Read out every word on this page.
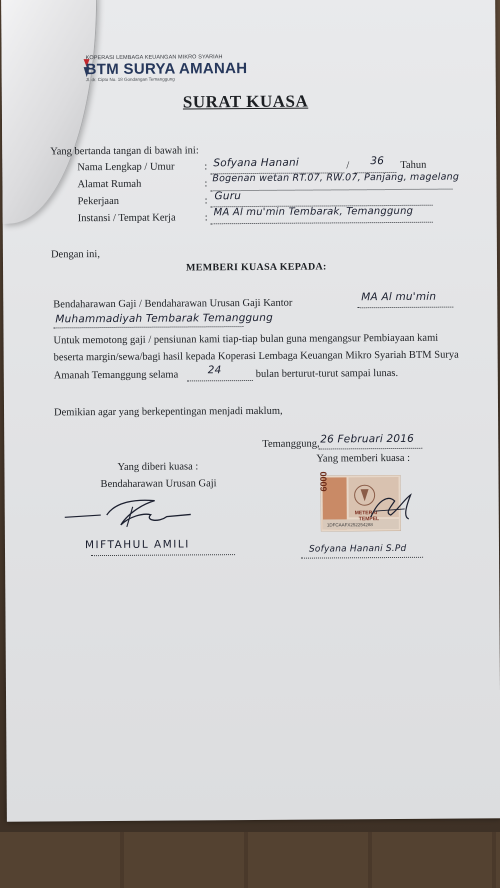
KOPERASI LEMBAGA KEUANGAN MIKRO SYARIAH
BTM SURYA AMANAH
Jl. dr. Cipto No. 18 Gondangan Temanggung
SURAT KUASA
Yang bertanda tangan di bawah ini:
Nama Lengkap / Umur	: Sofyana Hanani	/ 36 Tahun
Alamat Rumah	: Bogenan wetan RT.07, RW.07, Panjang, magelang
Pekerjaan	: Guru
Instansi / Tempat Kerja	: MA Al mu'min Tembarak, Temanggung
Dengan ini,
MEMBERI KUASA KEPADA:
Bendaharawan Gaji / Bendaharawan Urusan Gaji Kantor
MA Al mu'min
Muhammadiyah Tembarak Temanggung
Untuk memotong gaji / pensiunan kami tiap-tiap bulan guna mengangsur Pembiayaan kami
beserta margin/sewa/bagi hasil kepada Koperasi Lembaga Keuangan Mikro Syariah BTM Surya
Amanah Temanggung selama	24	bulan berturut-turut sampai lunas.
Demikian agar yang berkepentingan menjadi maklum,
Temanggung, 26 Februari 2016
Yang diberi kuasa :
Bendaharawan Urusan Gaji
MIFTAHUL AMILI
Yang memberi kuasa :
METERAI
TEMPEL
6000
1DFCAAFX252254288
Sofyana Hanani S.Pd
